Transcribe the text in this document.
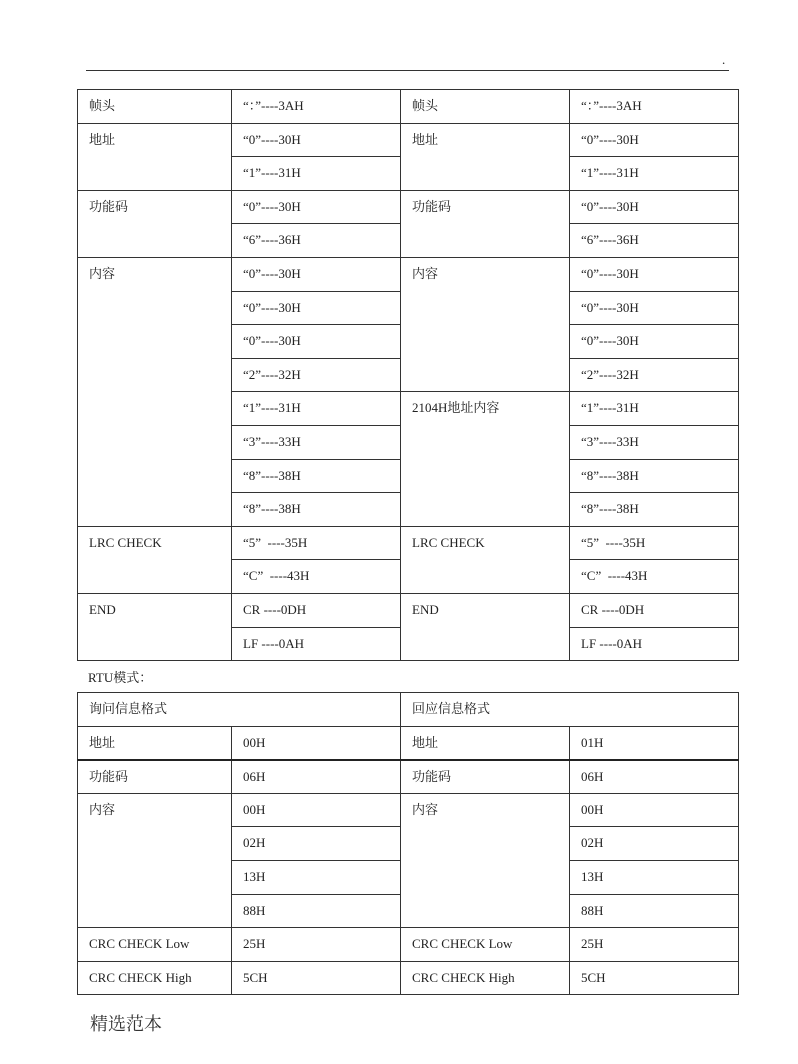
.
帧头	“：”----3AH	帧头	“：”----3AH
地址	“0”----30H	地址	“0”----30H
	“1”----31H		“1”----31H
功能码	“0”----30H	功能码	“0”----30H
	“6”----36H		“6”----36H
内容	“0”----30H	内容	“0”----30H
	“0”----30H		“0”----30H
	“0”----30H		“0”----30H
	“2”----32H		“2”----32H
	“1”----31H	2104H地址内容	“1”----31H
	“3”----33H		“3”----33H
	“8”----38H		“8”----38H
	“8”----38H		“8”----38H
LRC CHECK	“5”  ----35H	LRC CHECK	“5”  ----35H
	“C”  ----43H		“C”  ----43H
END	CR ----0DH	END	CR ----0DH
	LF ----0AH		LF ----0AH
RTU模式：
询问信息格式		回应信息格式	
地址	00H	地址	01H
功能码	06H	功能码	06H
内容	00H	内容	00H
	02H		02H
	13H		13H
	88H		88H
CRC CHECK Low	25H	CRC CHECK Low	25H
CRC CHECK High	5CH	CRC CHECK High	5CH
精选范本
